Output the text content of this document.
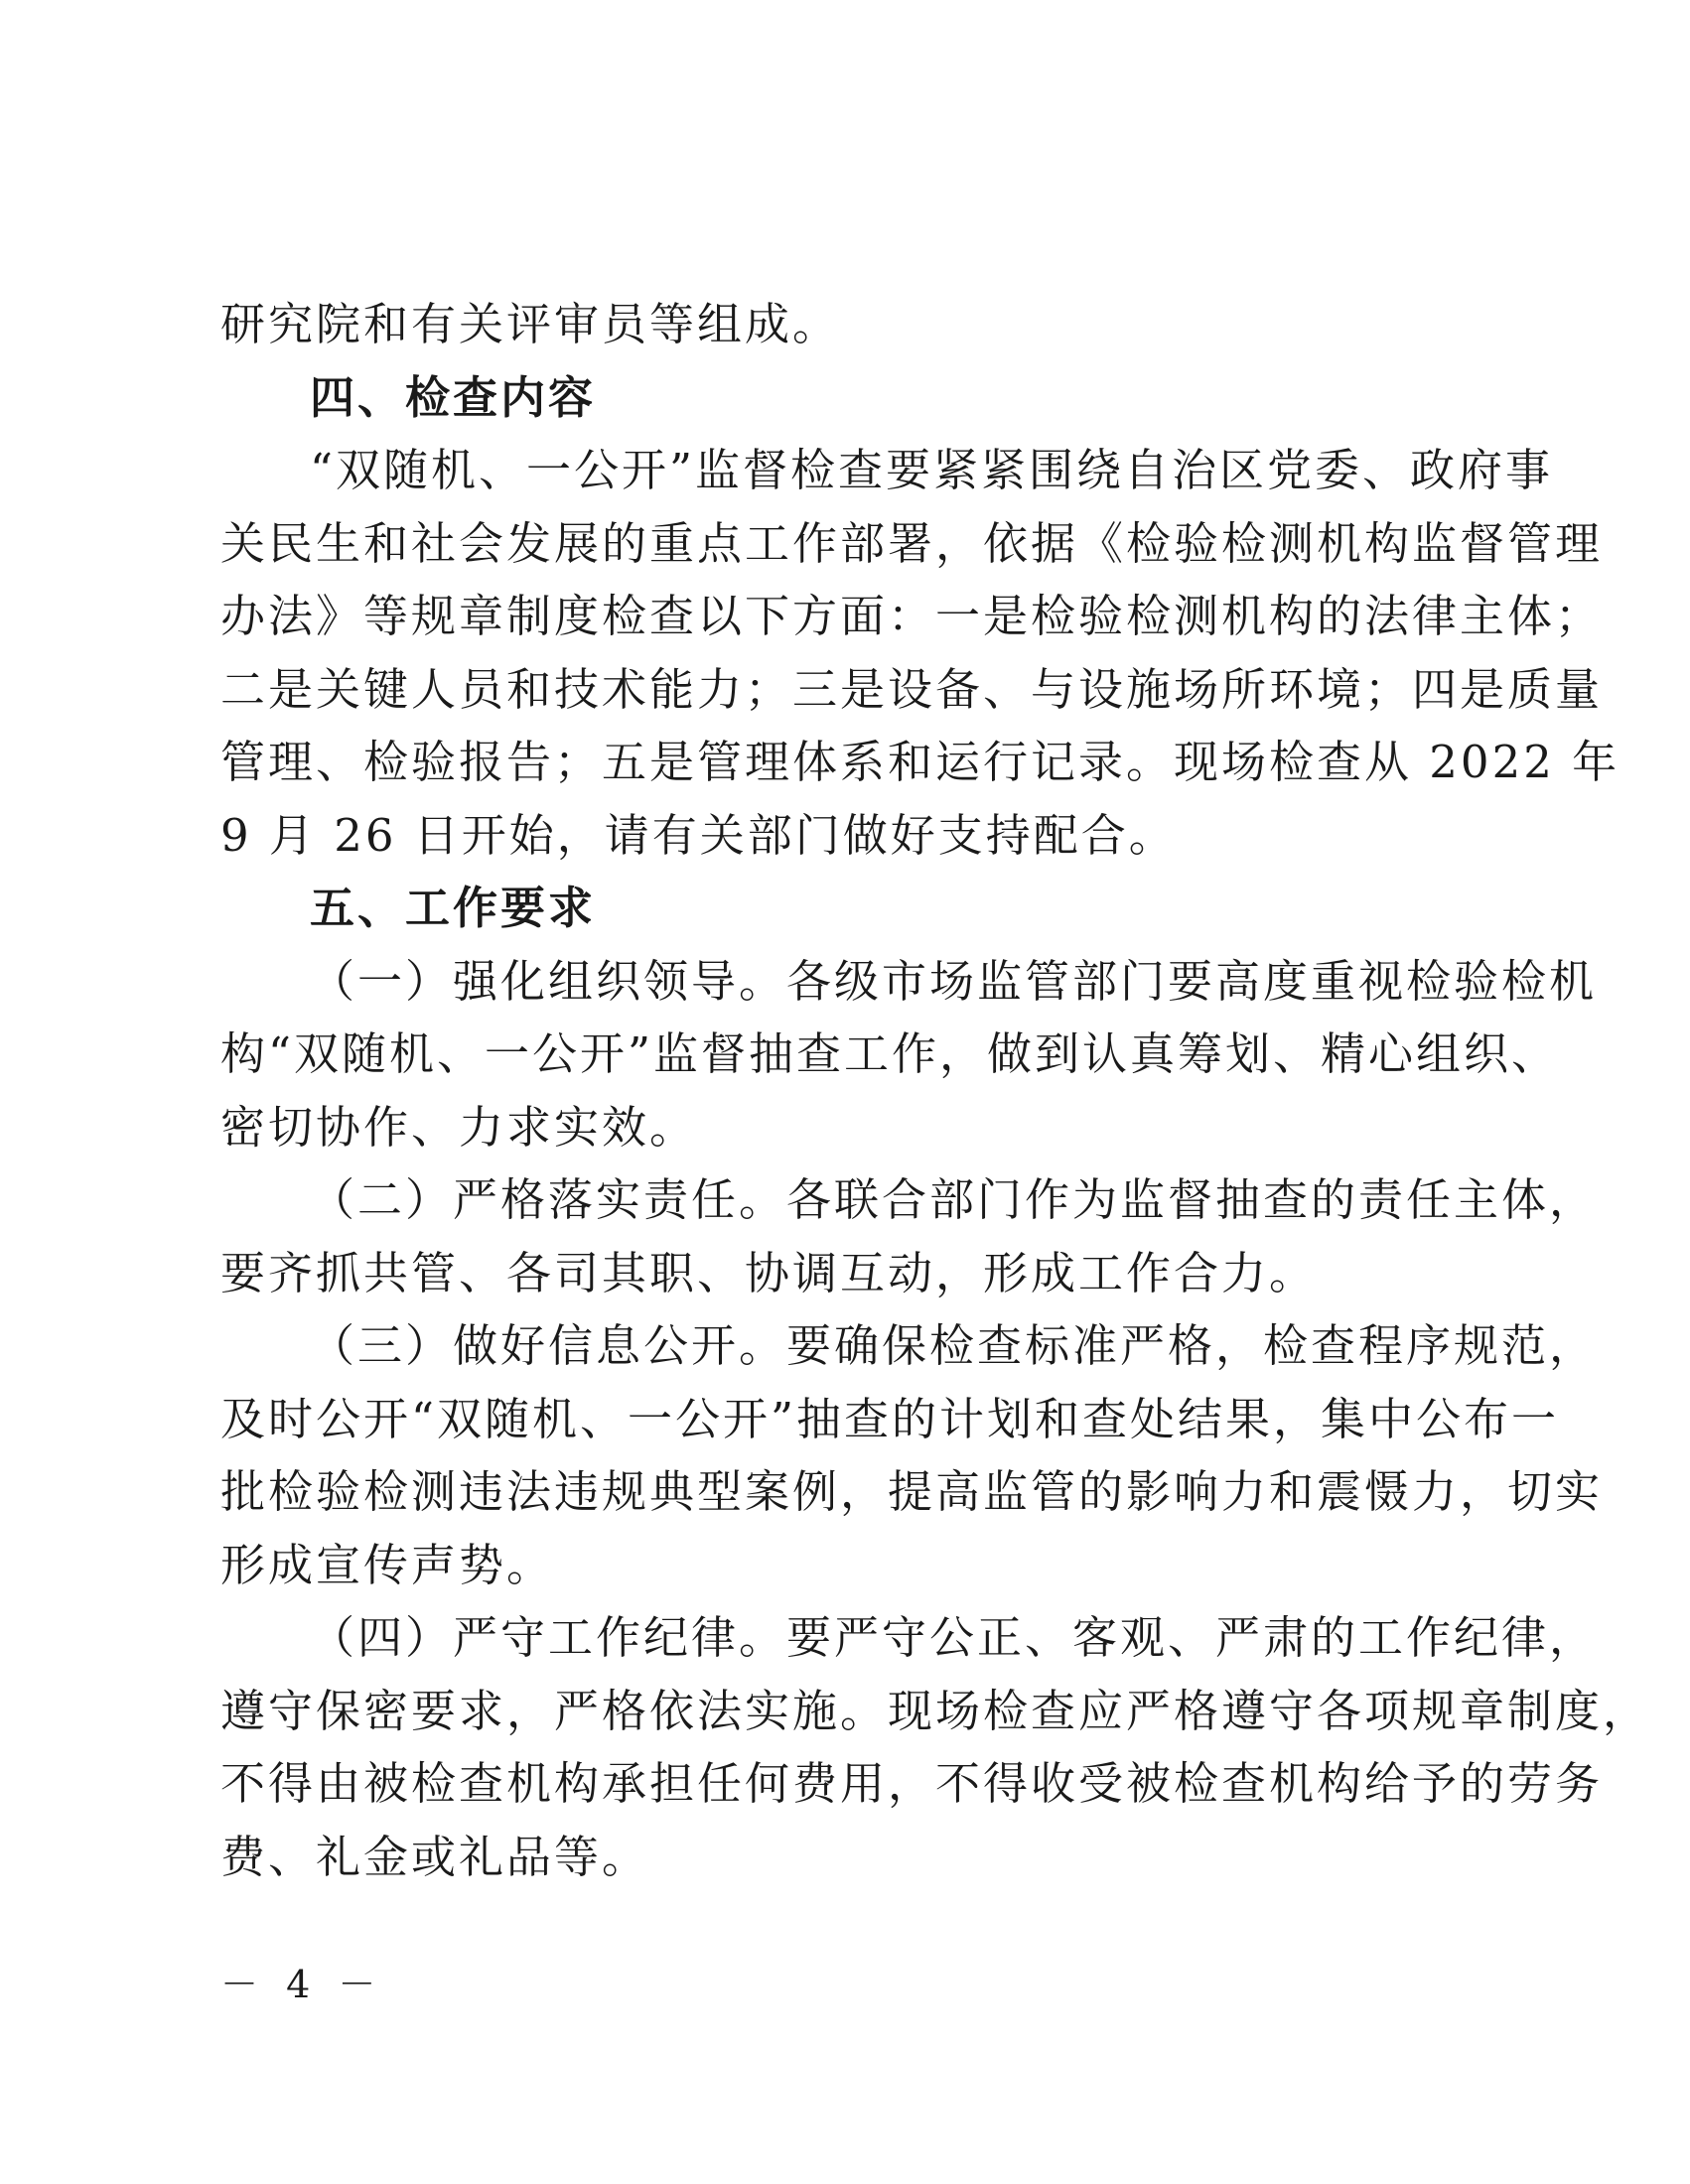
研究院和有关评审员等组成。
四、检查内容
“双随机、一公开”监督检查要紧紧围绕自治区党委、政府事
关民生和社会发展的重点工作部署，依据《检验检测机构监督管理
办法》等规章制度检查以下方面：一是检验检测机构的法律主体；
二是关键人员和技术能力；三是设备、与设施场所环境；四是质量
管理、检验报告；五是管理体系和运行记录。现场检查从 2022 年
9 月 26 日开始，请有关部门做好支持配合。
五、工作要求
（一）强化组织领导。各级市场监管部门要高度重视检验检机
构“双随机、一公开”监督抽查工作，做到认真筹划、精心组织、
密切协作、力求实效。
（二）严格落实责任。各联合部门作为监督抽查的责任主体，
要齐抓共管、各司其职、协调互动，形成工作合力。
（三）做好信息公开。要确保检查标准严格，检查程序规范，
及时公开“双随机、一公开”抽查的计划和查处结果，集中公布一
批检验检测违法违规典型案例，提高监管的影响力和震慑力，切实
形成宣传声势。
（四）严守工作纪律。要严守公正、客观、严肃的工作纪律，
遵守保密要求，严格依法实施。现场检查应严格遵守各项规章制度，
不得由被检查机构承担任何费用，不得收受被检查机构给予的劳务
费、礼金或礼品等。
－ 4 －
